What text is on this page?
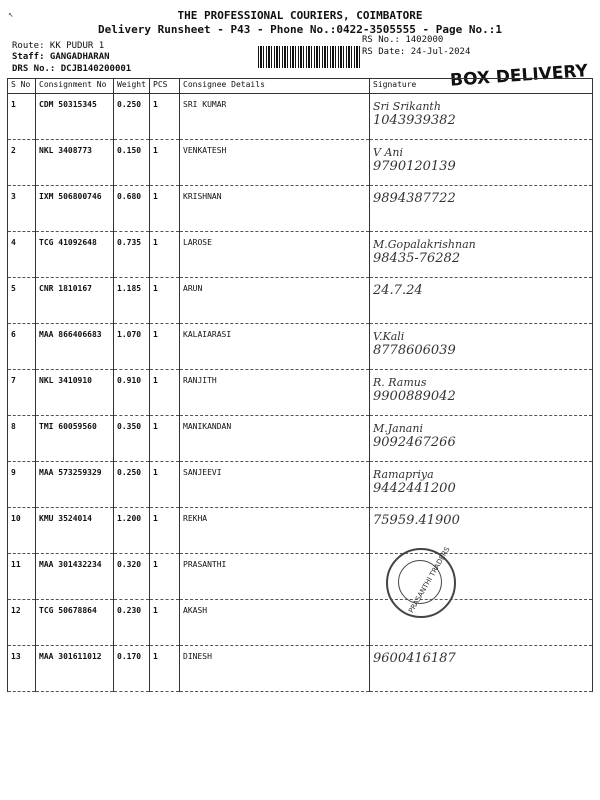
↖	THE PROFESSIONAL COURIERS, COIMBATORE
Delivery Runsheet - P43 - Phone No.:0422-3505555 - Page No.:1
Route: KK PUDUR 1
Staff: GANGADHARAN
DRS No.: DCJB140200001
RS No.: 1402000
RS Date: 24-Jul-2024
BOX DELIVERY
S No	Consignment No	Weight	PCS	Consignee Details	Signature
1	CDM 50315345	0.250	1	SRI KUMAR	Sri Srikanth
1043939382

2	NKL 3408773	0.150	1	VENKATESH	V Ani
9790120139

3	IXM 506800746	0.680	1	KRISHNAN	9894387722

4	TCG 41092648	0.735	1	LAROSE	M.Gopalakrishnan
98435-76282

5	CNR 1810167	1.185	1	ARUN	24.7.24

6	MAA 866406683	1.070	1	KALAIARASI	V.Kali
8778606039

7	NKL 3410910	0.910	1	RANJITH	R. Ramus
9900889042

8	TMI 60059560	0.350	1	MANIKANDAN	M.Janani
9092467266

9	MAA 573259329	0.250	1	SANJEEVI	Ramapriya
9442441200

10	KMU 3524014	1.200	1	REKHA	75959.41900

11	MAA 301432234	0.320	1	PRASANTHI	

12	TCG 50678864	0.230	1	AKASH	

13	MAA 301611012	0.170	1	DINESH	9600416187
PRASANTHI TRADERS
